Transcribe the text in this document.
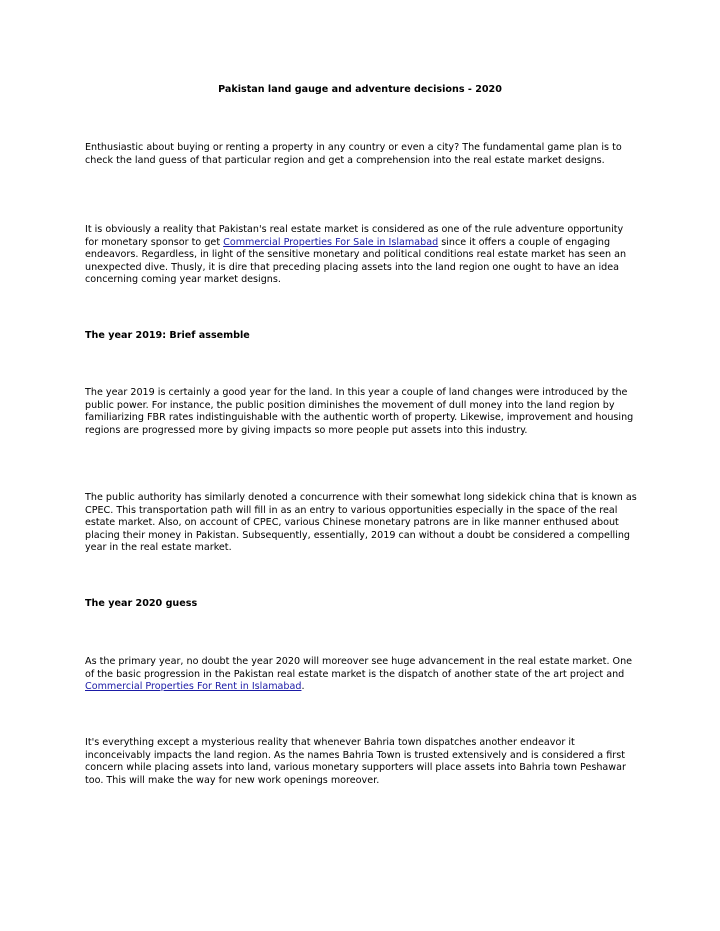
Pakistan land gauge and adventure decisions - 2020

Enthusiastic about buying or renting a property in any country or even a city? The fundamental game plan is to check the land guess of that particular region and get a comprehension into the real estate market designs.

It is obviously a reality that Pakistan's real estate market is considered as one of the rule adventure opportunity for monetary sponsor to get Commercial Properties For Sale in Islamabad since it offers a couple of engaging endeavors. Regardless, in light of the sensitive monetary and political conditions real estate market has seen an unexpected dive. Thusly, it is dire that preceding placing assets into the land region one ought to have an idea concerning coming year market designs.

The year 2019: Brief assemble

The year 2019 is certainly a good year for the land. In this year a couple of land changes were introduced by the public power. For instance, the public position diminishes the movement of dull money into the land region by familiarizing FBR rates indistinguishable with the authentic worth of property. Likewise, improvement and housing regions are progressed more by giving impacts so more people put assets into this industry.

The public authority has similarly denoted a concurrence with their somewhat long sidekick china that is known as CPEC. This transportation path will fill in as an entry to various opportunities especially in the space of the real estate market. Also, on account of CPEC, various Chinese monetary patrons are in like manner enthused about placing their money in Pakistan. Subsequently, essentially, 2019 can without a doubt be considered a compelling year in the real estate market.

The year 2020 guess

As the primary year, no doubt the year 2020 will moreover see huge advancement in the real estate market. One of the basic progression in the Pakistan real estate market is the dispatch of another state of the art project and Commercial Properties For Rent in Islamabad.

It's everything except a mysterious reality that whenever Bahria town dispatches another endeavor it inconceivably impacts the land region. As the names Bahria Town is trusted extensively and is considered a first concern while placing assets into land, various monetary supporters will place assets into Bahria town Peshawar too. This will make the way for new work openings moreover.
